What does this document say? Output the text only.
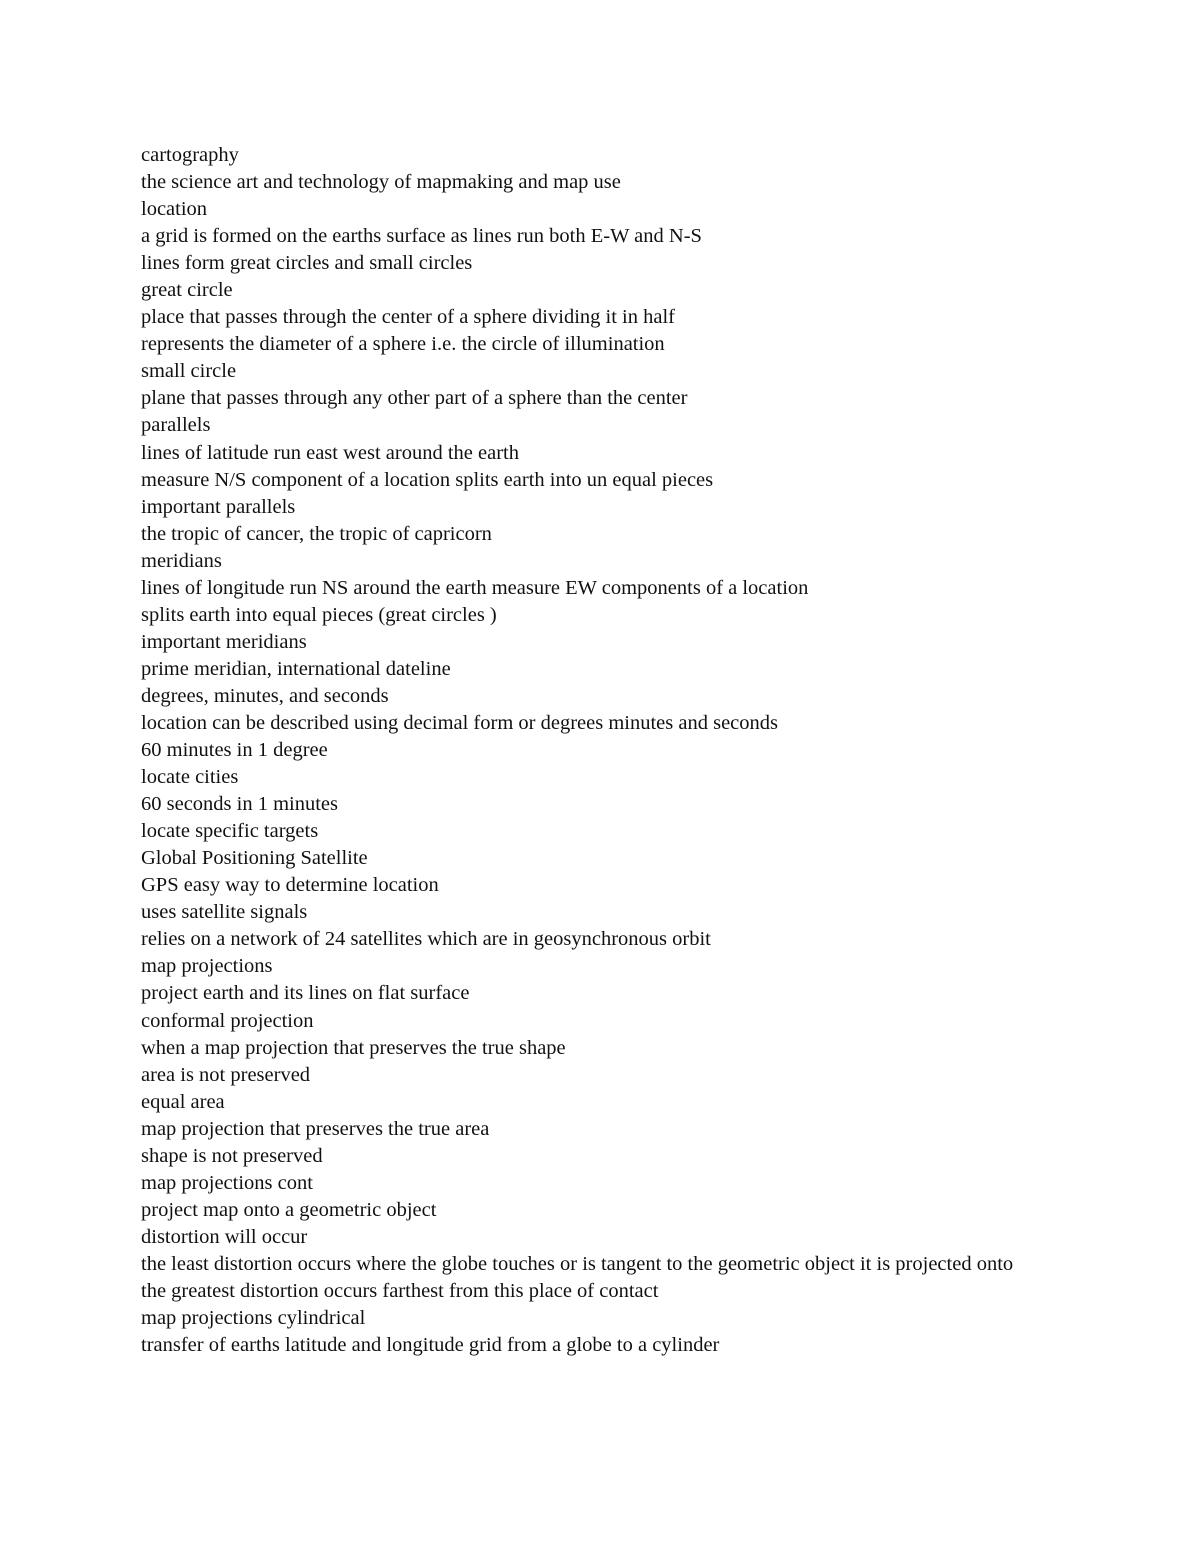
cartography

the science art and technology of mapmaking and map use

location

a grid is formed on the earths surface as lines run both E-W and N-S

lines form great circles and small circles

great circle

place that passes through the center of a sphere dividing it in half

represents the diameter of a sphere i.e. the circle of illumination

small circle

plane that passes through any other part of a sphere than the center

parallels

lines of latitude run east west around the earth

measure N/S component of a location splits earth into un equal pieces

important parallels

the tropic of cancer, the tropic of capricorn

meridians

lines of longitude run NS around the earth measure EW components of a location

splits earth into equal pieces (great circles )

important meridians

prime meridian, international dateline

degrees, minutes, and seconds

location can be described using decimal form or degrees minutes and seconds

60 minutes in 1 degree

locate cities

60 seconds in 1 minutes

locate specific targets

Global Positioning Satellite

GPS easy way to determine location

uses satellite signals

relies on a network of 24 satellites which are in geosynchronous orbit

map projections

project earth and its lines on flat surface

conformal projection

when a map projection that preserves the true shape

area is not preserved

equal area

map projection that preserves the true area

shape is not preserved

map projections cont

project map onto a geometric object

distortion will occur

the least distortion occurs where the globe touches or is tangent to the geometric object it is projected onto

the greatest distortion occurs farthest from this place of contact

map projections cylindrical

transfer of earths latitude and longitude grid from a globe to a cylinder
